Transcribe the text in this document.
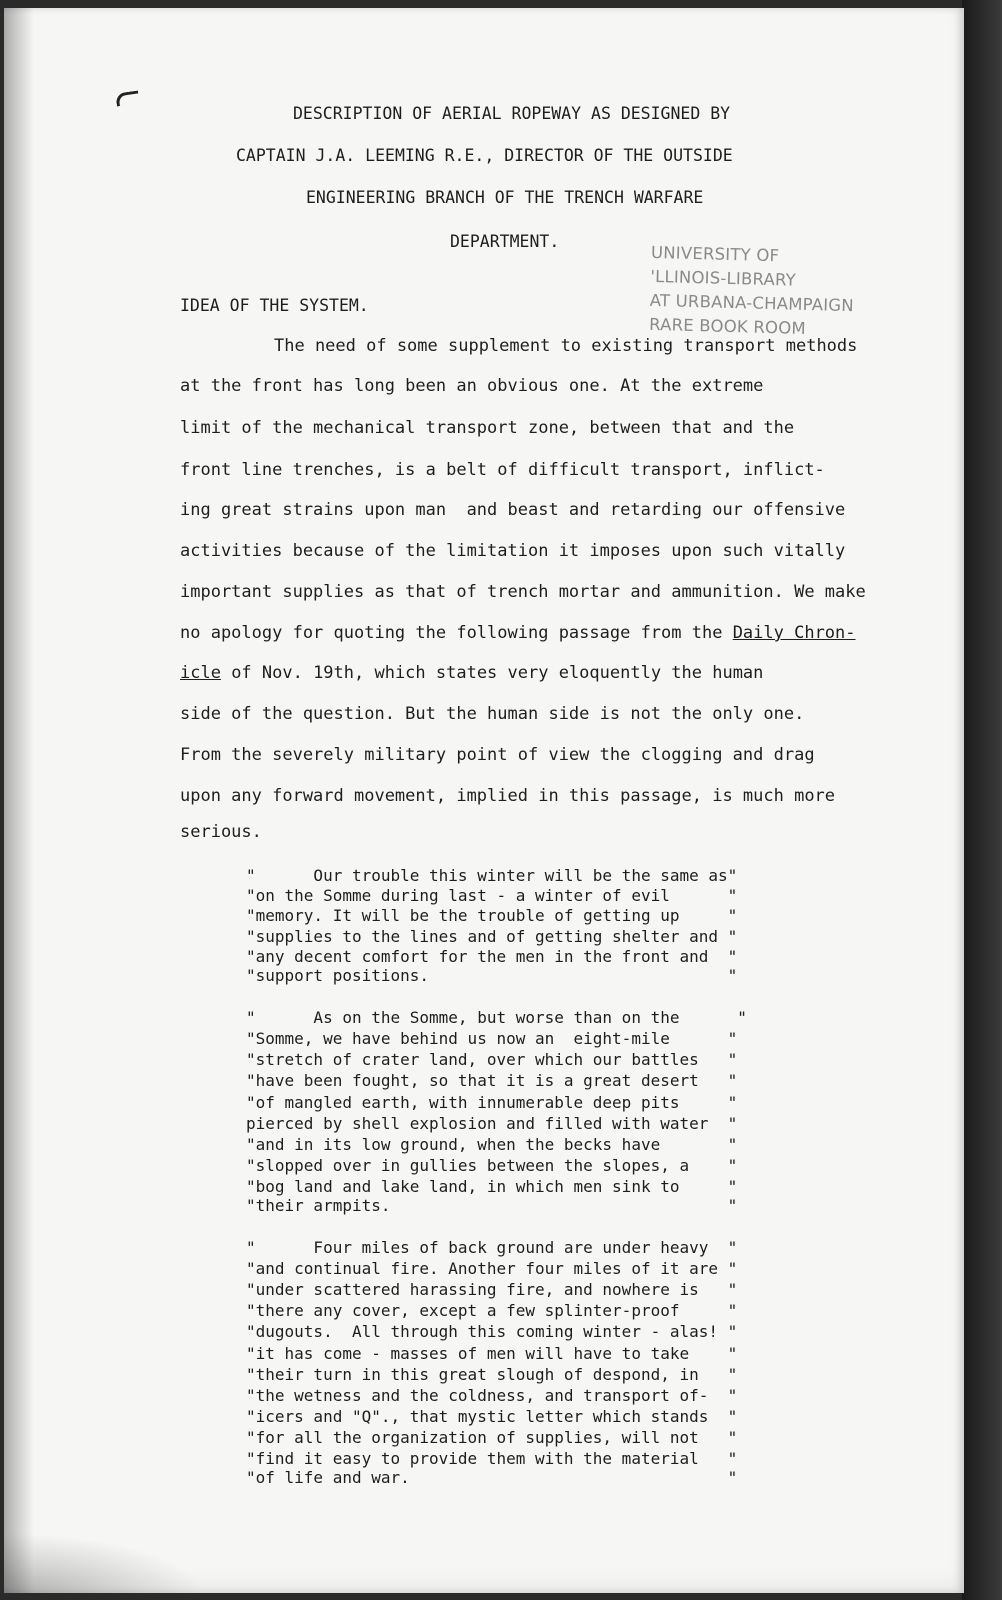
DESCRIPTION OF AERIAL ROPEWAY AS DESIGNED BY
CAPTAIN J.A. LEEMING R.E., DIRECTOR OF THE OUTSIDE
ENGINEERING BRANCH OF THE TRENCH WARFARE
DEPARTMENT.
UNIVERSITY OF
'LLINOIS-LIBRARY
AT URBANA-CHAMPAIGN
RARE BOOK ROOM
IDEA OF THE SYSTEM.
The need of some supplement to existing transport methods
at the front has long been an obvious one. At the extreme
limit of the mechanical transport zone, between that and the
front line trenches, is a belt of difficult transport, inflict-
ing great strains upon man  and beast and retarding our offensive
activities because of the limitation it imposes upon such vitally
important supplies as that of trench mortar and ammunition. We make
no apology for quoting the following passage from the Daily Chron-
icle of Nov. 19th, which states very eloquently the human
side of the question. But the human side is not the only one.
From the severely military point of view the clogging and drag
upon any forward movement, implied in this passage, is much more
serious.
"      Our trouble this winter will be the same as"
"on the Somme during last - a winter of evil      "
"memory. It will be the trouble of getting up     "
"supplies to the lines and of getting shelter and "
"any decent comfort for the men in the front and  "
"support positions.                               "
"      As on the Somme, but worse than on the      "
"Somme, we have behind us now an  eight-mile      "
"stretch of crater land, over which our battles   "
"have been fought, so that it is a great desert   "
"of mangled earth, with innumerable deep pits     "
pierced by shell explosion and filled with water  "
"and in its low ground, when the becks have       "
"slopped over in gullies between the slopes, a    "
"bog land and lake land, in which men sink to     "
"their armpits.                                   "
"      Four miles of back ground are under heavy  "
"and continual fire. Another four miles of it are "
"under scattered harassing fire, and nowhere is   "
"there any cover, except a few splinter-proof     "
"dugouts.  All through this coming winter - alas! "
"it has come - masses of men will have to take    "
"their turn in this great slough of despond, in   "
"the wetness and the coldness, and transport of-  "
"icers and "Q"., that mystic letter which stands  "
"for all the organization of supplies, will not   "
"find it easy to provide them with the material   "
"of life and war.                                 "
